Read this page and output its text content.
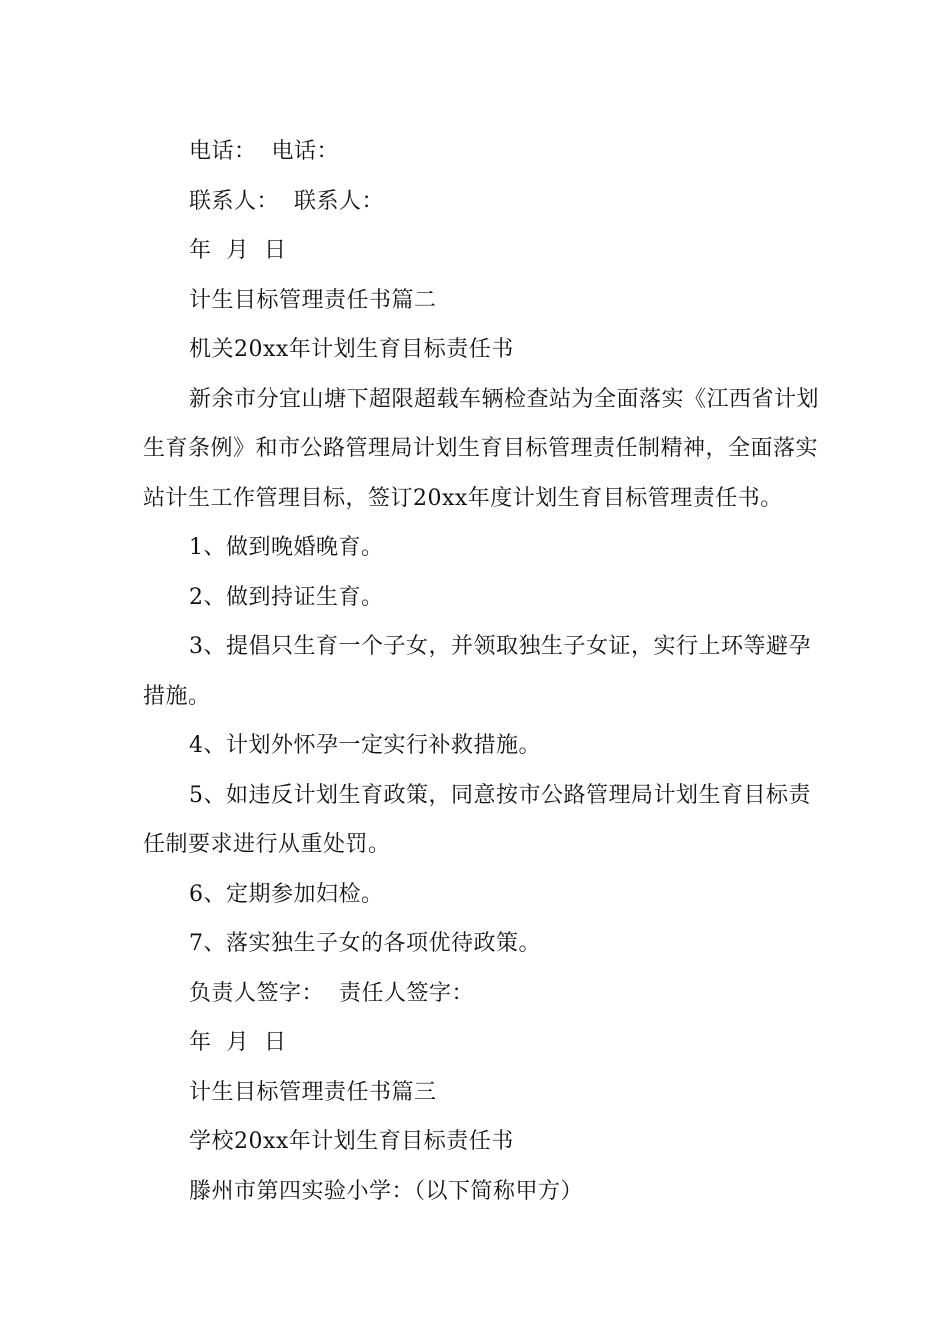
电话：  电话：

联系人：  联系人：

年  月  日

计生目标管理责任书篇二

机关20xx年计划生育目标责任书

新余市分宜山塘下超限超载车辆检查站为全面落实《江西省计划生育条例》和市公路管理局计划生育目标管理责任制精神，全面落实站计生工作管理目标，签订20xx年度计划生育目标管理责任书。

1、做到晚婚晚育。

2、做到持证生育。

3、提倡只生育一个子女，并领取独生子女证，实行上环等避孕措施。

4、计划外怀孕一定实行补救措施。

5、如违反计划生育政策，同意按市公路管理局计划生育目标责任制要求进行从重处罚。

6、定期参加妇检。

7、落实独生子女的各项优待政策。

负责人签字：  责任人签字：

年  月  日

计生目标管理责任书篇三

学校20xx年计划生育目标责任书

滕州市第四实验小学：（以下简称甲方）
